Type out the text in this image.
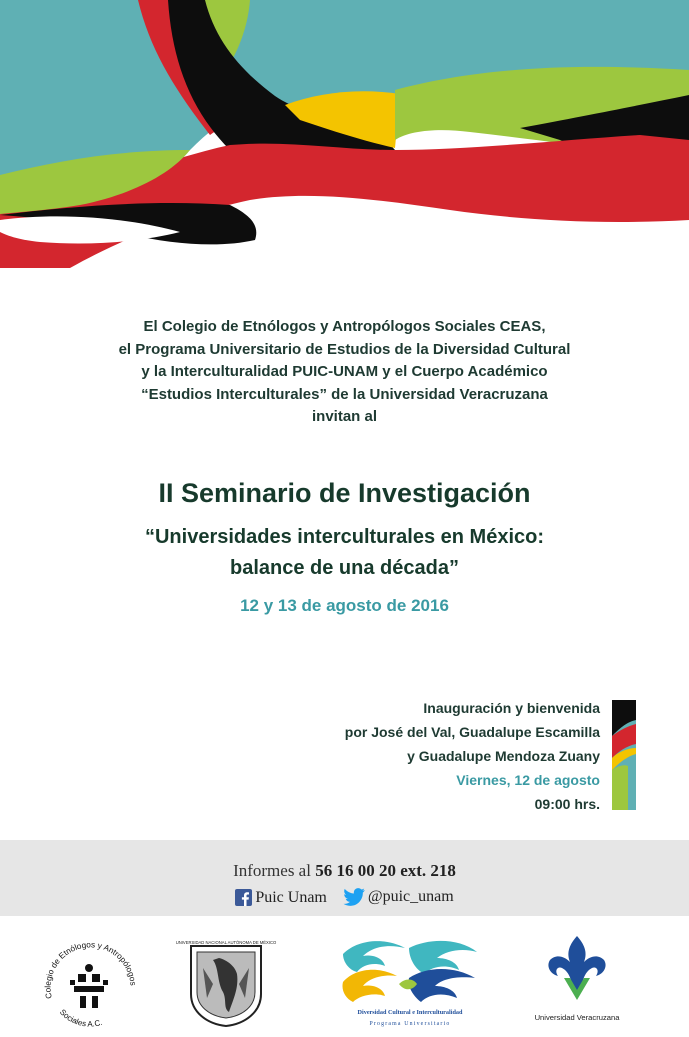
El Colegio de Etnólogos y Antropólogos Sociales CEAS,
el Programa Universitario de Estudios de la Diversidad Cultural
y la Interculturalidad PUIC-UNAM y el Cuerpo Académico
“Estudios Interculturales” de la Universidad Veracruzana
invitan al
II Seminario de Investigación
“Universidades interculturales en México:
balance de una década”
12 y 13 de agosto de 2016
Inauguración y bienvenida
por José del Val, Guadalupe Escamilla
y Guadalupe Mendoza Zuany
Viernes, 12 de agosto
09:00 hrs.
Informes al 56 16 00 20 ext. 218
Puic Unam
	@puic_unam
Colegio de Etnólogos y Antropólogos
Sociales A.C.
UNIVERSIDAD NACIONAL AUTÓNOMA DE MÉXICO
Diversidad Cultural e Interculturalidad
Programa Universitario
Universidad Veracruzana
